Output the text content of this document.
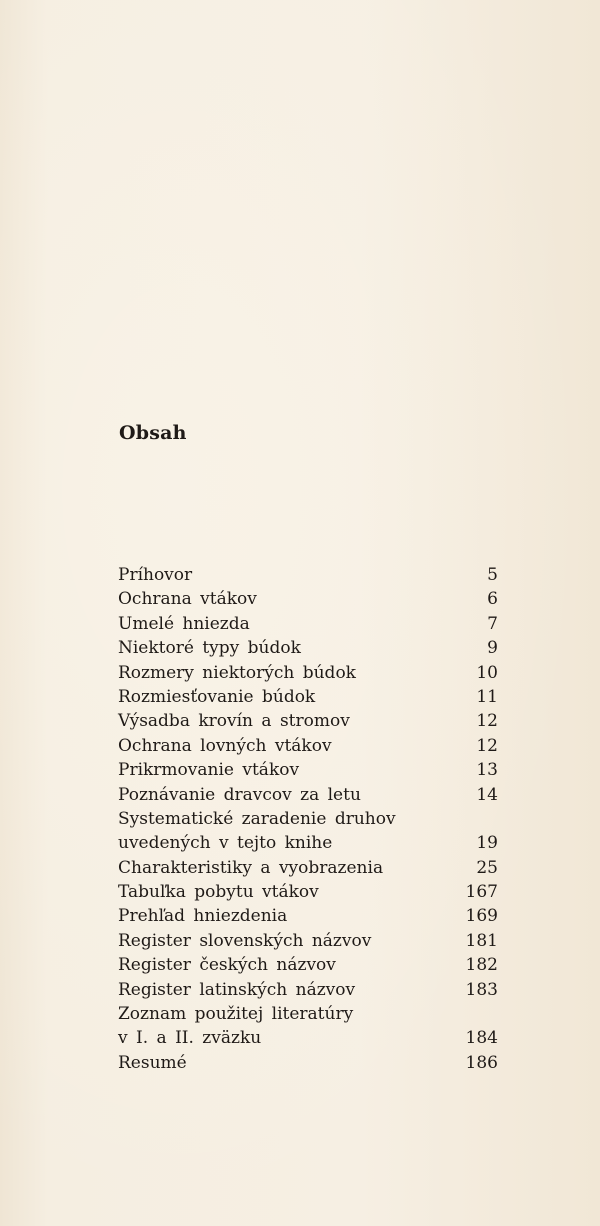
Obsah
Príhovor	5
Ochrana vtákov	6
Umelé hniezda	7
Niektoré typy búdok	9
Rozmery niektorých búdok	10
Rozmiesťovanie búdok	11
Výsadba krovín a stromov	12
Ochrana lovných vtákov	12
Prikrmovanie vtákov	13
Poznávanie dravcov za letu	14
Systematické zaradenie druhov
uvedených v tejto knihe	19
Charakteristiky a vyobrazenia	25
Tabuľka pobytu vtákov	167
Prehľad hniezdenia	169
Register slovenských názvov	181
Register českých názvov	182
Register latinských názvov	183
Zoznam použitej literatúry
v I. a II. zväzku	184
Resumé	186
